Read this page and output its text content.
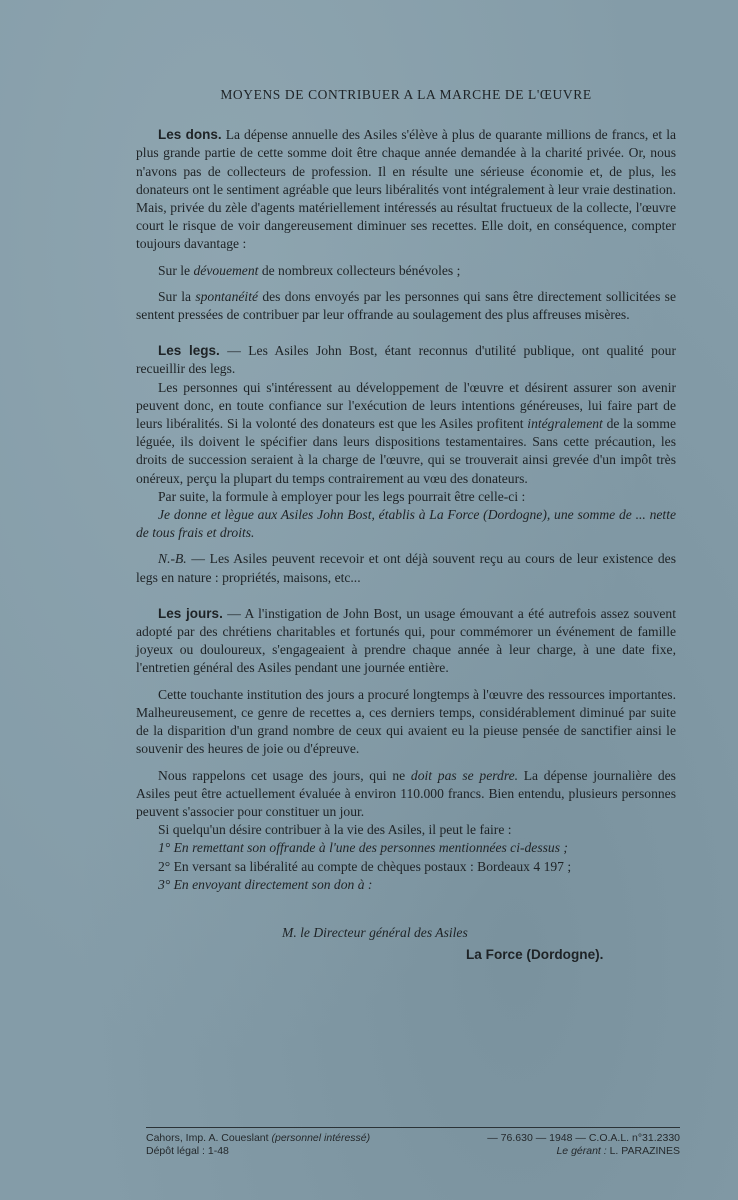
MOYENS DE CONTRIBUER A LA MARCHE DE L'ŒUVRE

Les dons. La dépense annuelle des Asiles s'élève à plus de quarante millions de francs, et la plus grande partie de cette somme doit être chaque année demandée à la charité privée. Or, nous n'avons pas de collecteurs de profession. Il en résulte une sérieuse économie et, de plus, les donateurs ont le sentiment agréable que leurs libéralités vont intégralement à leur vraie destination. Mais, privée du zèle d'agents matériellement intéressés au résultat fructueux de la collecte, l'œuvre court le risque de voir dangereusement diminuer ses recettes. Elle doit, en conséquence, compter toujours davantage :

Sur le dévouement de nombreux collecteurs bénévoles ;

Sur la spontanéité des dons envoyés par les personnes qui sans être directement sollicitées se sentent pressées de contribuer par leur offrande au soulagement des plus affreuses misères.

Les legs. — Les Asiles John Bost, étant reconnus d'utilité publique, ont qualité pour recueillir des legs.

Les personnes qui s'intéressent au développement de l'œuvre et désirent assurer son avenir peuvent donc, en toute confiance sur l'exécution de leurs intentions généreuses, lui faire part de leurs libéralités. Si la volonté des donateurs est que les Asiles profitent intégralement de la somme léguée, ils doivent le spécifier dans leurs dispositions testamentaires. Sans cette précaution, les droits de succession seraient à la charge de l'œuvre, qui se trouverait ainsi grevée d'un impôt très onéreux, perçu la plupart du temps contrairement au vœu des donateurs.

Par suite, la formule à employer pour les legs pourrait être celle-ci :

Je donne et lègue aux Asiles John Bost, établis à La Force (Dordogne), une somme de ... nette de tous frais et droits.

N.-B. — Les Asiles peuvent recevoir et ont déjà souvent reçu au cours de leur existence des legs en nature : propriétés, maisons, etc...

Les jours. — A l'instigation de John Bost, un usage émouvant a été autrefois assez souvent adopté par des chrétiens charitables et fortunés qui, pour commémorer un événement de famille joyeux ou douloureux, s'engageaient à prendre chaque année à leur charge, à une date fixe, l'entretien général des Asiles pendant une journée entière.

Cette touchante institution des jours a procuré longtemps à l'œuvre des ressources importantes. Malheureusement, ce genre de recettes a, ces derniers temps, considérablement diminué par suite de la disparition d'un grand nombre de ceux qui avaient eu la pieuse pensée de sanctifier ainsi le souvenir des heures de joie ou d'épreuve.

Nous rappelons cet usage des jours, qui ne doit pas se perdre. La dépense journalière des Asiles peut être actuellement évaluée à environ 110.000 francs. Bien entendu, plusieurs personnes peuvent s'associer pour constituer un jour.

Si quelqu'un désire contribuer à la vie des Asiles, il peut le faire :

1° En remettant son offrande à l'une des personnes mentionnées ci-dessus ;

2° En versant sa libéralité au compte de chèques postaux : Bordeaux 4 197 ;

3° En envoyant directement son don à :

M. le Directeur général des Asiles

La Force (Dordogne).

Cahors, Imp. A. Coueslant (personnel intéressé)	— 76.630 — 1948 — C.O.A.L. n°31.2330
Dépôt légal : 1-48	Le gérant : L. PARAZINES
